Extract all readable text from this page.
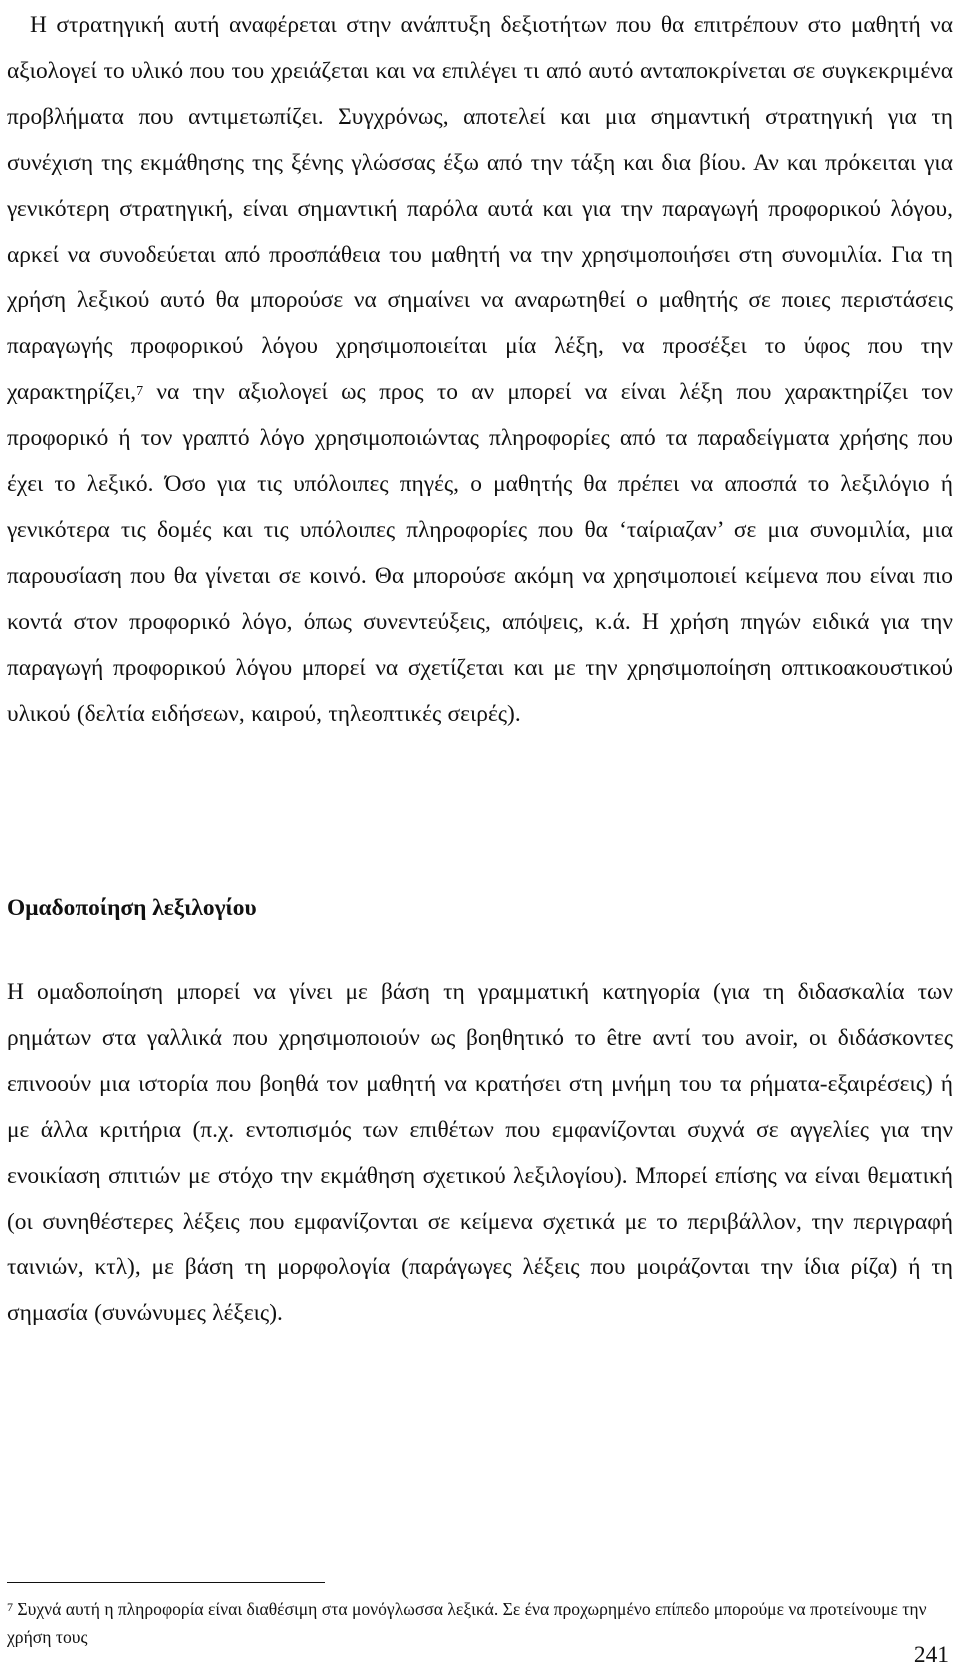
Η στρατηγική αυτή αναφέρεται στην ανάπτυξη δεξιοτήτων που θα επιτρέπουν στο μαθητή να αξιολογεί το υλικό που του χρειάζεται και να επιλέγει τι από αυτό ανταποκρίνεται σε συγκεκριμένα προβλήματα που αντιμετωπίζει. Συγχρόνως, αποτελεί και μια σημαντική στρατηγική για τη συνέχιση της εκμάθησης της ξένης γλώσσας έξω από την τάξη και δια βίου. Αν και πρόκειται για γενικότερη στρατηγική, είναι σημαντική παρόλα αυτά και για την παραγωγή προφορικού λόγου, αρκεί να συνοδεύεται από προσπάθεια του μαθητή να την χρησιμοποιήσει στη συνομιλία. Για τη χρήση λεξικού αυτό θα μπορούσε να σημαίνει να αναρωτηθεί ο μαθητής σε ποιες περιστάσεις παραγωγής προφορικού λόγου χρησιμοποιείται μία λέξη, να προσέξει το ύφος που την χαρακτηρίζει,$^7$ να την αξιολογεί ως προς το αν μπορεί να είναι λέξη που χαρακτηρίζει τον προφορικό ή τον γραπτό λόγο χρησιμοποιώντας πληροφορίες από τα παραδείγματα χρήσης που έχει το λεξικό. Όσο για τις υπόλοιπες πηγές, ο μαθητής θα πρέπει να αποσπά το λεξιλόγιο ή γενικότερα τις δομές και τις υπόλοιπες πληροφορίες που θα ‘ταίριαζαν’ σε μια συνομιλία, μια παρουσίαση που θα γίνεται σε κοινό. Θα μπορούσε ακόμη να χρησιμοποιεί κείμενα που είναι πιο κοντά στον προφορικό λόγο, όπως συνεντεύξεις, απόψεις, κ.ά. Η χρήση πηγών ειδικά για την παραγωγή προφορικού λόγου μπορεί να σχετίζεται και με την χρησιμοποίηση οπτικοακουστικού υλικού (δελτία ειδήσεων, καιρού, τηλεοπτικές σειρές).

Ομαδοποίηση λεξιλογίου

Η ομαδοποίηση μπορεί να γίνει με βάση τη γραμματική κατηγορία (για τη διδασκαλία των ρημάτων στα γαλλικά που χρησιμοποιούν ως βοηθητικό το être αντί του avoir, οι διδάσκοντες επινοούν μια ιστορία που βοηθά τον μαθητή να κρατήσει στη μνήμη του τα ρήματα-εξαιρέσεις) ή με άλλα κριτήρια (π.χ. εντοπισμός των επιθέτων που εμφανίζονται συχνά σε αγγελίες για την ενοικίαση σπιτιών με στόχο την εκμάθηση σχετικού λεξιλογίου). Μπορεί επίσης να είναι θεματική (οι συνηθέστερες λέξεις που εμφανίζονται σε κείμενα σχετικά με το περιβάλλον, την περιγραφή ταινιών, κτλ), με βάση τη μορφολογία (παράγωγες λέξεις που μοιράζονται την ίδια ρίζα) ή τη σημασία (συνώνυμες λέξεις).

$^7$ Συχνά αυτή η πληροφορία είναι διαθέσιμη στα μονόγλωσσα λεξικά. Σε ένα προχωρημένο επίπεδο μπορούμε να προτείνουμε την χρήση τους

241
